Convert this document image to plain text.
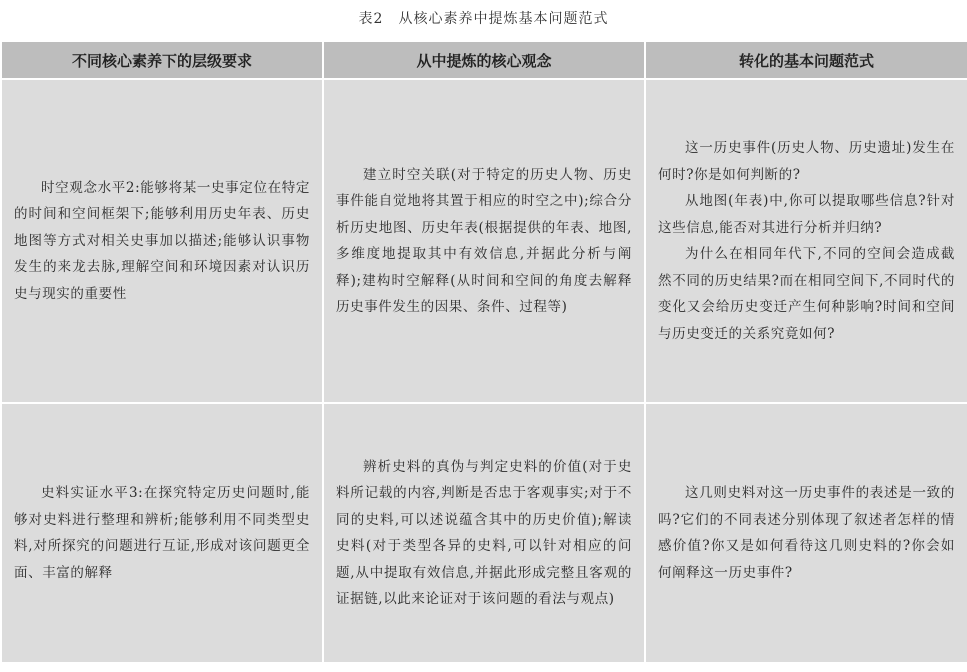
表2　从核心素养中提炼基本问题范式
不同核心素养下的层级要求	从中提炼的核心观念	转化的基本问题范式

时空观念水平2:能够将某一史事定位在特定的时间和空间框架下;能够利用历史年表、历史地图等方式对相关史事加以描述;能够认识事物发生的来龙去脉,理解空间和环境因素对认识历史与现实的重要性	建立时空关联(对于特定的历史人物、历史事件能自觉地将其置于相应的时空之中);综合分析历史地图、历史年表(根据提供的年表、地图,多维度地提取其中有效信息,并据此分析与阐释);建构时空解释(从时间和空间的角度去解释历史事件发生的因果、条件、过程等)	这一历史事件(历史人物、历史遗址)发生在何时?你是如何判断的?

从地图(年表)中,你可以提取哪些信息?针对这些信息,能否对其进行分析并归纳?

为什么在相同年代下,不同的空间会造成截然不同的历史结果?而在相同空间下,不同时代的变化又会给历史变迁产生何种影响?时间和空间与历史变迁的关系究竟如何?

史料实证水平3:在探究特定历史问题时,能够对史料进行整理和辨析;能够利用不同类型史料,对所探究的问题进行互证,形成对该问题更全面、丰富的解释	辨析史料的真伪与判定史料的价值(对于史料所记载的内容,判断是否忠于客观事实;对于不同的史料,可以述说蕴含其中的历史价值);解读史料(对于类型各异的史料,可以针对相应的问题,从中提取有效信息,并据此形成完整且客观的证据链,以此来论证对于该问题的看法与观点)	这几则史料对这一历史事件的表述是一致的吗?它们的不同表述分别体现了叙述者怎样的情感价值?你又是如何看待这几则史料的?你会如何阐释这一历史事件?
